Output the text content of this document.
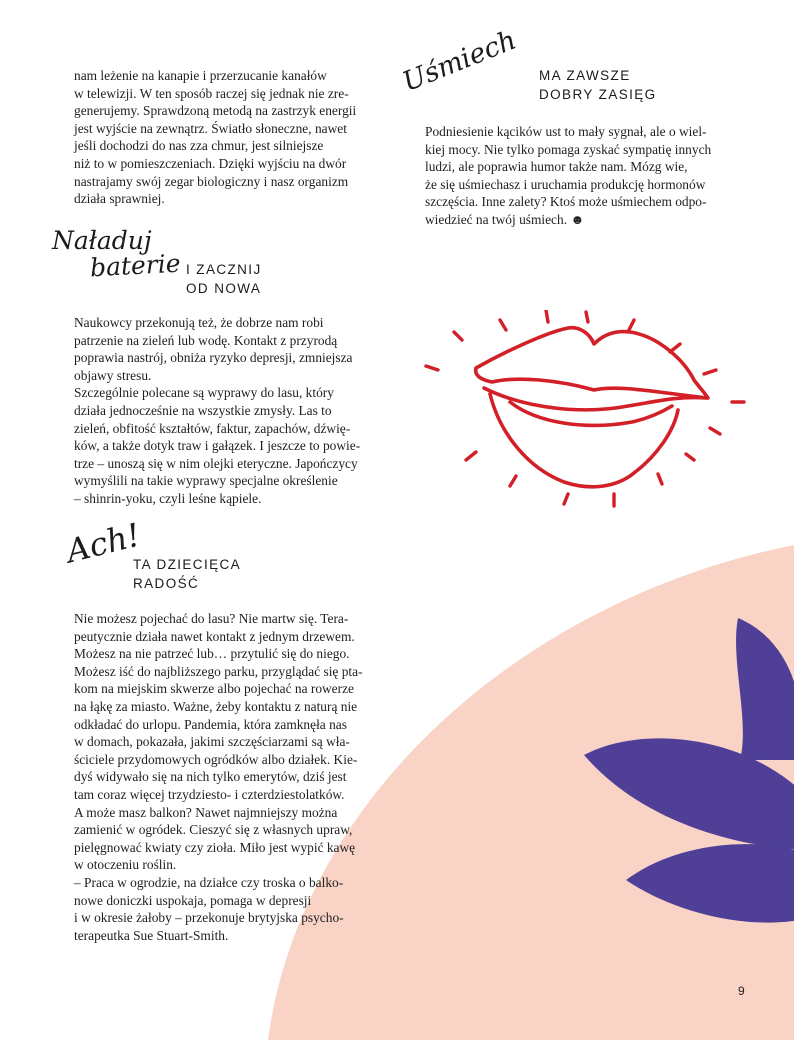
nam leżenie na kanapie i przerzucanie kanałów
w telewizji. W ten sposób raczej się jednak nie zre-
generujemy. Sprawdzoną metodą na zastrzyk energii
jest wyjście na zewnątrz. Światło słoneczne, nawet
jeśli dochodzi do nas zza chmur, jest silniejsze
niż to w pomieszczeniach. Dzięki wyjściu na dwór
nastrajamy swój zegar biologiczny i nasz organizm
działa sprawniej.
Naładuj
baterie I ZACZNIJ
OD NOWA
Naukowcy przekonują też, że dobrze nam robi
patrzenie na zieleń lub wodę. Kontakt z przyrodą
poprawia nastrój, obniża ryzyko depresji, zmniejsza
objawy stresu.
Szczególnie polecane są wyprawy do lasu, który
działa jednocześnie na wszystkie zmysły. Las to
zieleń, obfitość kształtów, faktur, zapachów, dźwię-
ków, a także dotyk traw i gałązek. I jeszcze to powie-
trze – unoszą się w nim olejki eteryczne. Japończycy
wymyślili na takie wyprawy specjalne określenie
– shinrin-yoku, czyli leśne kąpiele.
Ach!
TA DZIECIĘCA
RADOŚĆ
Nie możesz pojechać do lasu? Nie martw się. Tera-
peutycznie działa nawet kontakt z jednym drzewem.
Możesz na nie patrzeć lub… przytulić się do niego.
Możesz iść do najbliższego parku, przyglądać się pta-
kom na miejskim skwerze albo pojechać na rowerze
na łąkę za miasto. Ważne, żeby kontaktu z naturą nie
odkładać do urlopu. Pandemia, która zamknęła nas
w domach, pokazała, jakimi szczęściarzami są wła-
ściciele przydomowych ogródków albo działek. Kie-
dyś widywało się na nich tylko emerytów, dziś jest
tam coraz więcej trzydziesto- i czterdziestolatków.
A może masz balkon? Nawet najmniejszy można
zamienić w ogródek. Cieszyć się z własnych upraw,
pielęgnować kwiaty czy zioła. Miło jest wypić kawę
w otoczeniu roślin.
– Praca w ogrodzie, na działce czy troska o balko-
nowe doniczki uspokaja, pomaga w depresji
i w okresie żałoby – przekonuje brytyjska psycho-
terapeutka Sue Stuart-Smith.
Uśmiech MA ZAWSZE
DOBRY ZASIĘG
Podniesienie kącików ust to mały sygnał, ale o wiel-
kiej mocy. Nie tylko pomaga zyskać sympatię innych
ludzi, ale poprawia humor także nam. Mózg wie,
że się uśmiechasz i uruchamia produkcję hormonów
szczęścia. Inne zalety? Ktoś może uśmiechem odpo-
wiedzieć na twój uśmiech. ☻
9
